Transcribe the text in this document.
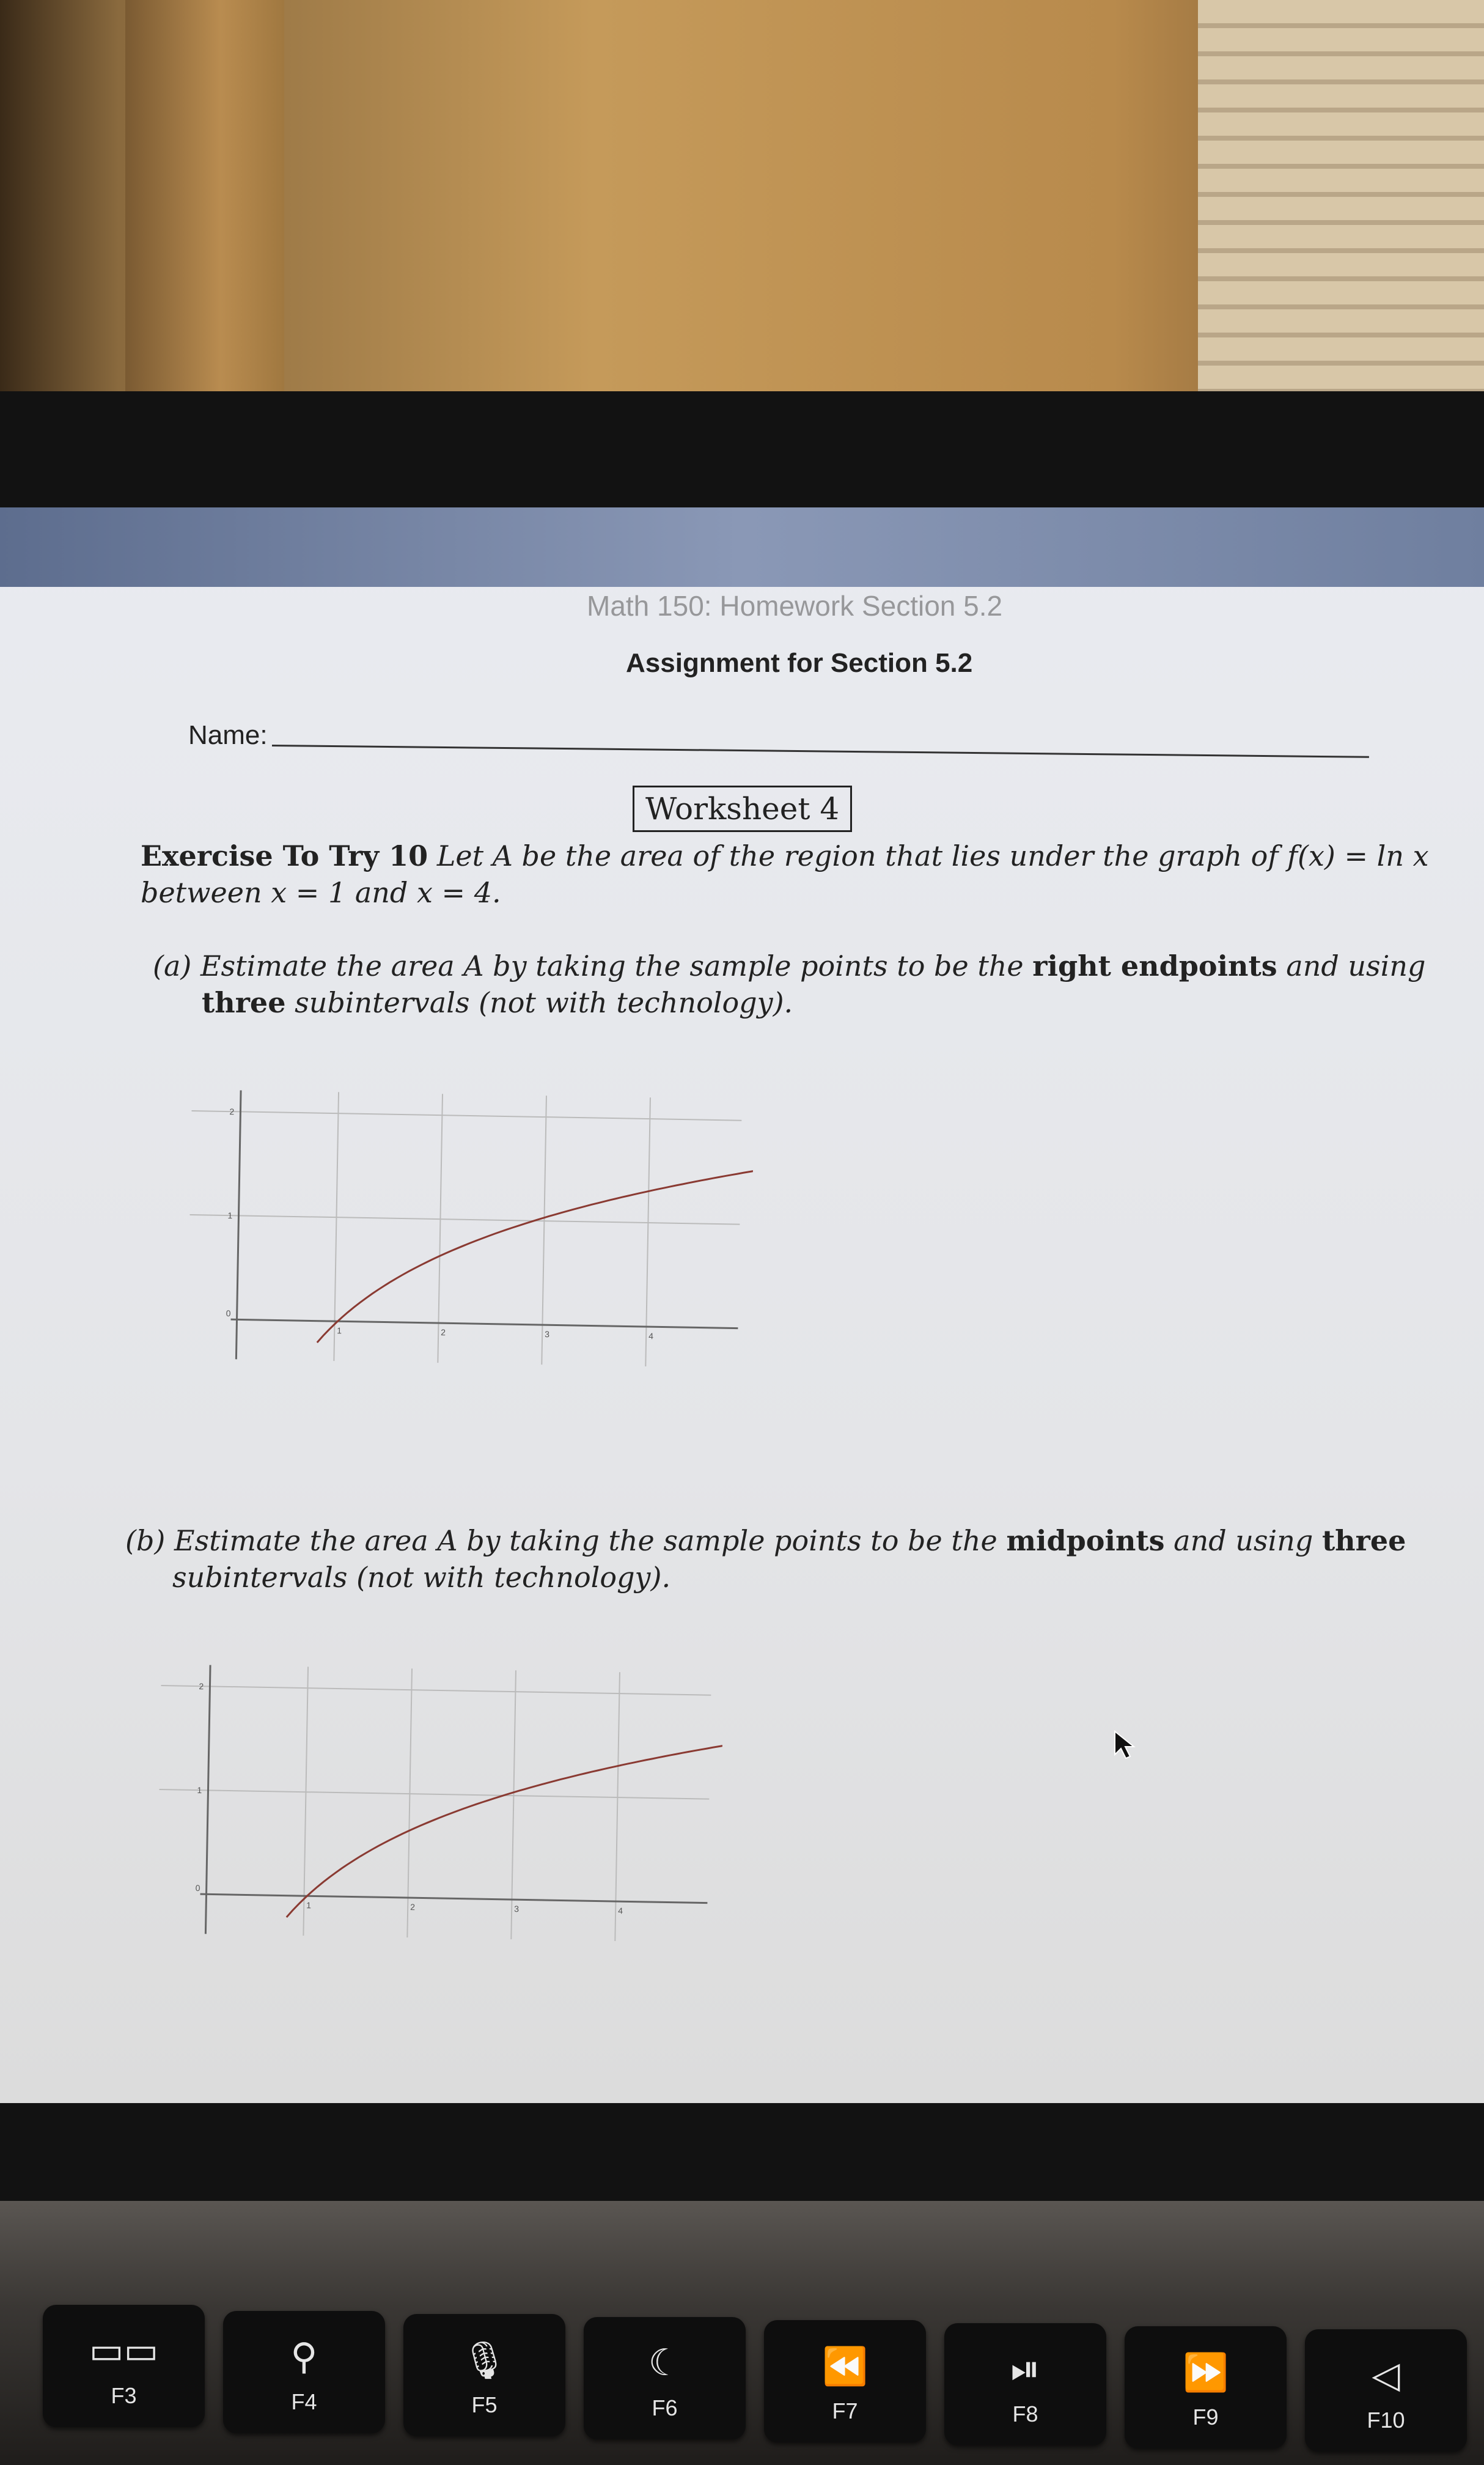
Math 150: Homework Section 5.2
Assignment for Section 5.2
Name:
Worksheet 4
Exercise To Try 10 Let A be the area of the region that lies under the graph of f(x) = ln x
between x = 1 and x = 4.
(a) Estimate the area A by taking the sample points to be the right endpoints and using
three subintervals (not with technology).
2
1
0
1	2	3	4
(b) Estimate the area A by taking the sample points to be the midpoints and using three
subintervals (not with technology).
2
1
0
1	2	3	4
▭▭
F3
⚲
F4
🎙
F5
☾
F6
⏪
F7
⏯
F8
⏩
F9
◁
F10
